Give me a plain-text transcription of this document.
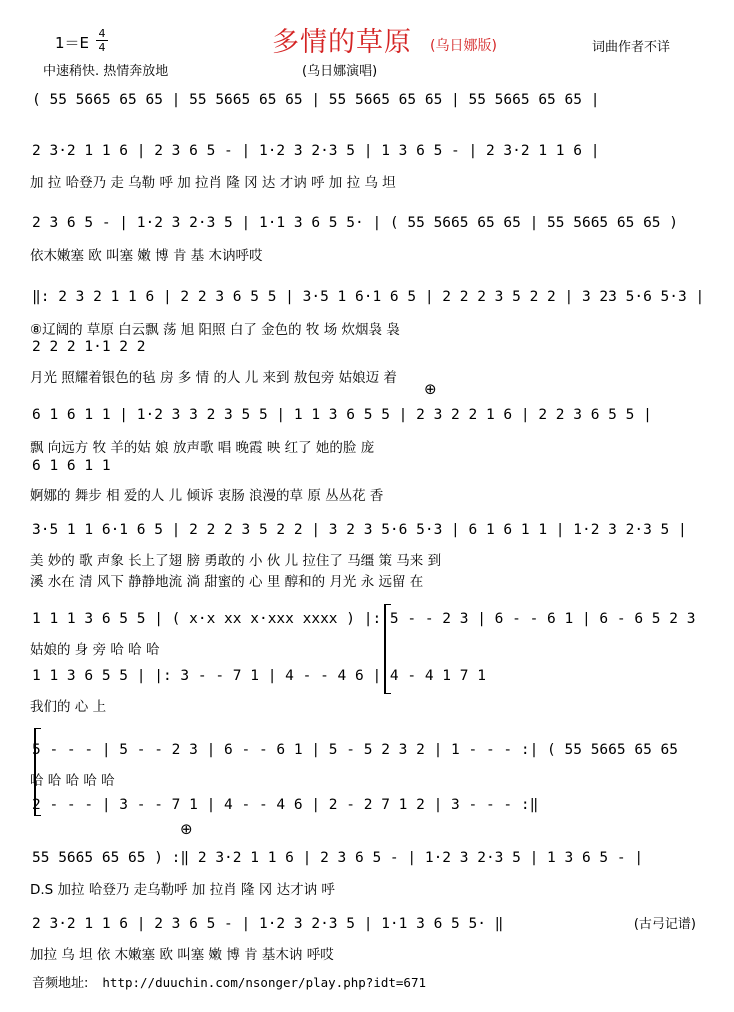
多情的草原 (乌日娜版)
1＝E
4
4	词曲作者不详
中速稍快. 热情奔放地	(乌日娜演唱)
( 55 5665 65 65 | 55 5665 65 65 | 55 5665 65 65 | 55 5665 65 65 |
2 3·2 1 1 6 | 2 3 6 5 - | 1·2 3 2·3 5 | 1 3 6 5 - | 2 3·2 1 1 6 |
加 拉 哈登乃 走 乌勒 呼 加 拉肖 隆 冈 达 才讷 呼 加 拉 乌 坦
2 3 6 5 - | 1·2 3 2·3 5 | 1·1 3 6 5 5· | ( 55 5665 65 65 | 55 5665 65 65 )
依木嫩塞 欧 叫塞 嫩 博 肯 基 木讷呼哎
‖: 2 3 2 1 1 6 | 2 2 3 6 5 5 | 3·5 1 6·1 6 5 | 2 2 2 3 5 2 2 | 3 23 5·6 5·3 |
⑧辽阔的 草原 白云飘 荡 旭 阳照 白了 金色的 牧 场 炊烟袅 袅
2 2 2 1·1 2 2
月光 照耀着银色的毡 房 多 情 的人 儿 来到 敖包旁 姑娘迈 着
6 1 6 1 1 | 1·2 3 3 2 3 5 5 | 1 1 3 6 5 5 | 2 3 2 2 1 6 | 2 2 3 6 5 5 |
飘 向远方 牧 羊的姑 娘 放声歌 唱 晚霞 映 红了 她的脸 庞
6 1 6 1 1
婀娜的 舞步 相 爱的人 儿 倾诉 衷肠 浪漫的草 原 丛丛花 香
3·5 1 1 6·1 6 5 | 2 2 2 3 5 2 2 | 3 2 3 5·6 5·3 | 6 1 6 1 1 | 1·2 3 2·3 5 |
美 妙的 歌 声象 长上了翅 膀 勇敢的 小 伙 儿 拉住了 马缰 策 马来 到
溪 水在 清 风下 静静地流 淌 甜蜜的 心 里 醇和的 月光 永 远留 在
1 1 1 3 6 5 5 | ( x·x xx x·xxx xxxx ) |: 5 - - 2 3 | 6 - - 6 1 | 6 - 6 5 2 3
姑娘的 身 旁 哈 哈 哈
1 1 3 6 5 5 | |: 3 - - 7 1 | 4 - - 4 6 | 4 - 4 1 7 1
我们的 心 上
5 - - - | 5 - - 2 3 | 6 - - 6 1 | 5 - 5 2 3 2 | 1 - - - :| ( 55 5665 65 65
哈 哈 哈 哈 哈
2 - - - | 3 - - 7 1 | 4 - - 4 6 | 2 - 2 7 1 2 | 3 - - - :‖
55 5665 65 65 ) :‖ 2 3·2 1 1 6 | 2 3 6 5 - | 1·2 3 2·3 5 | 1 3 6 5 - |
D.S 加拉 哈登乃 走乌勒呼 加 拉肖 隆 冈 达才讷 呼
2 3·2 1 1 6 | 2 3 6 5 - | 1·2 3 2·3 5 | 1·1 3 6 5 5· ‖
加拉 乌 坦 依 木嫩塞 欧 叫塞 嫩 博 肯 基木讷 呼哎
⊕
⊕
(古弓记谱)
音频地址: http://duuchin.com/nsonger/play.php?idt=671
